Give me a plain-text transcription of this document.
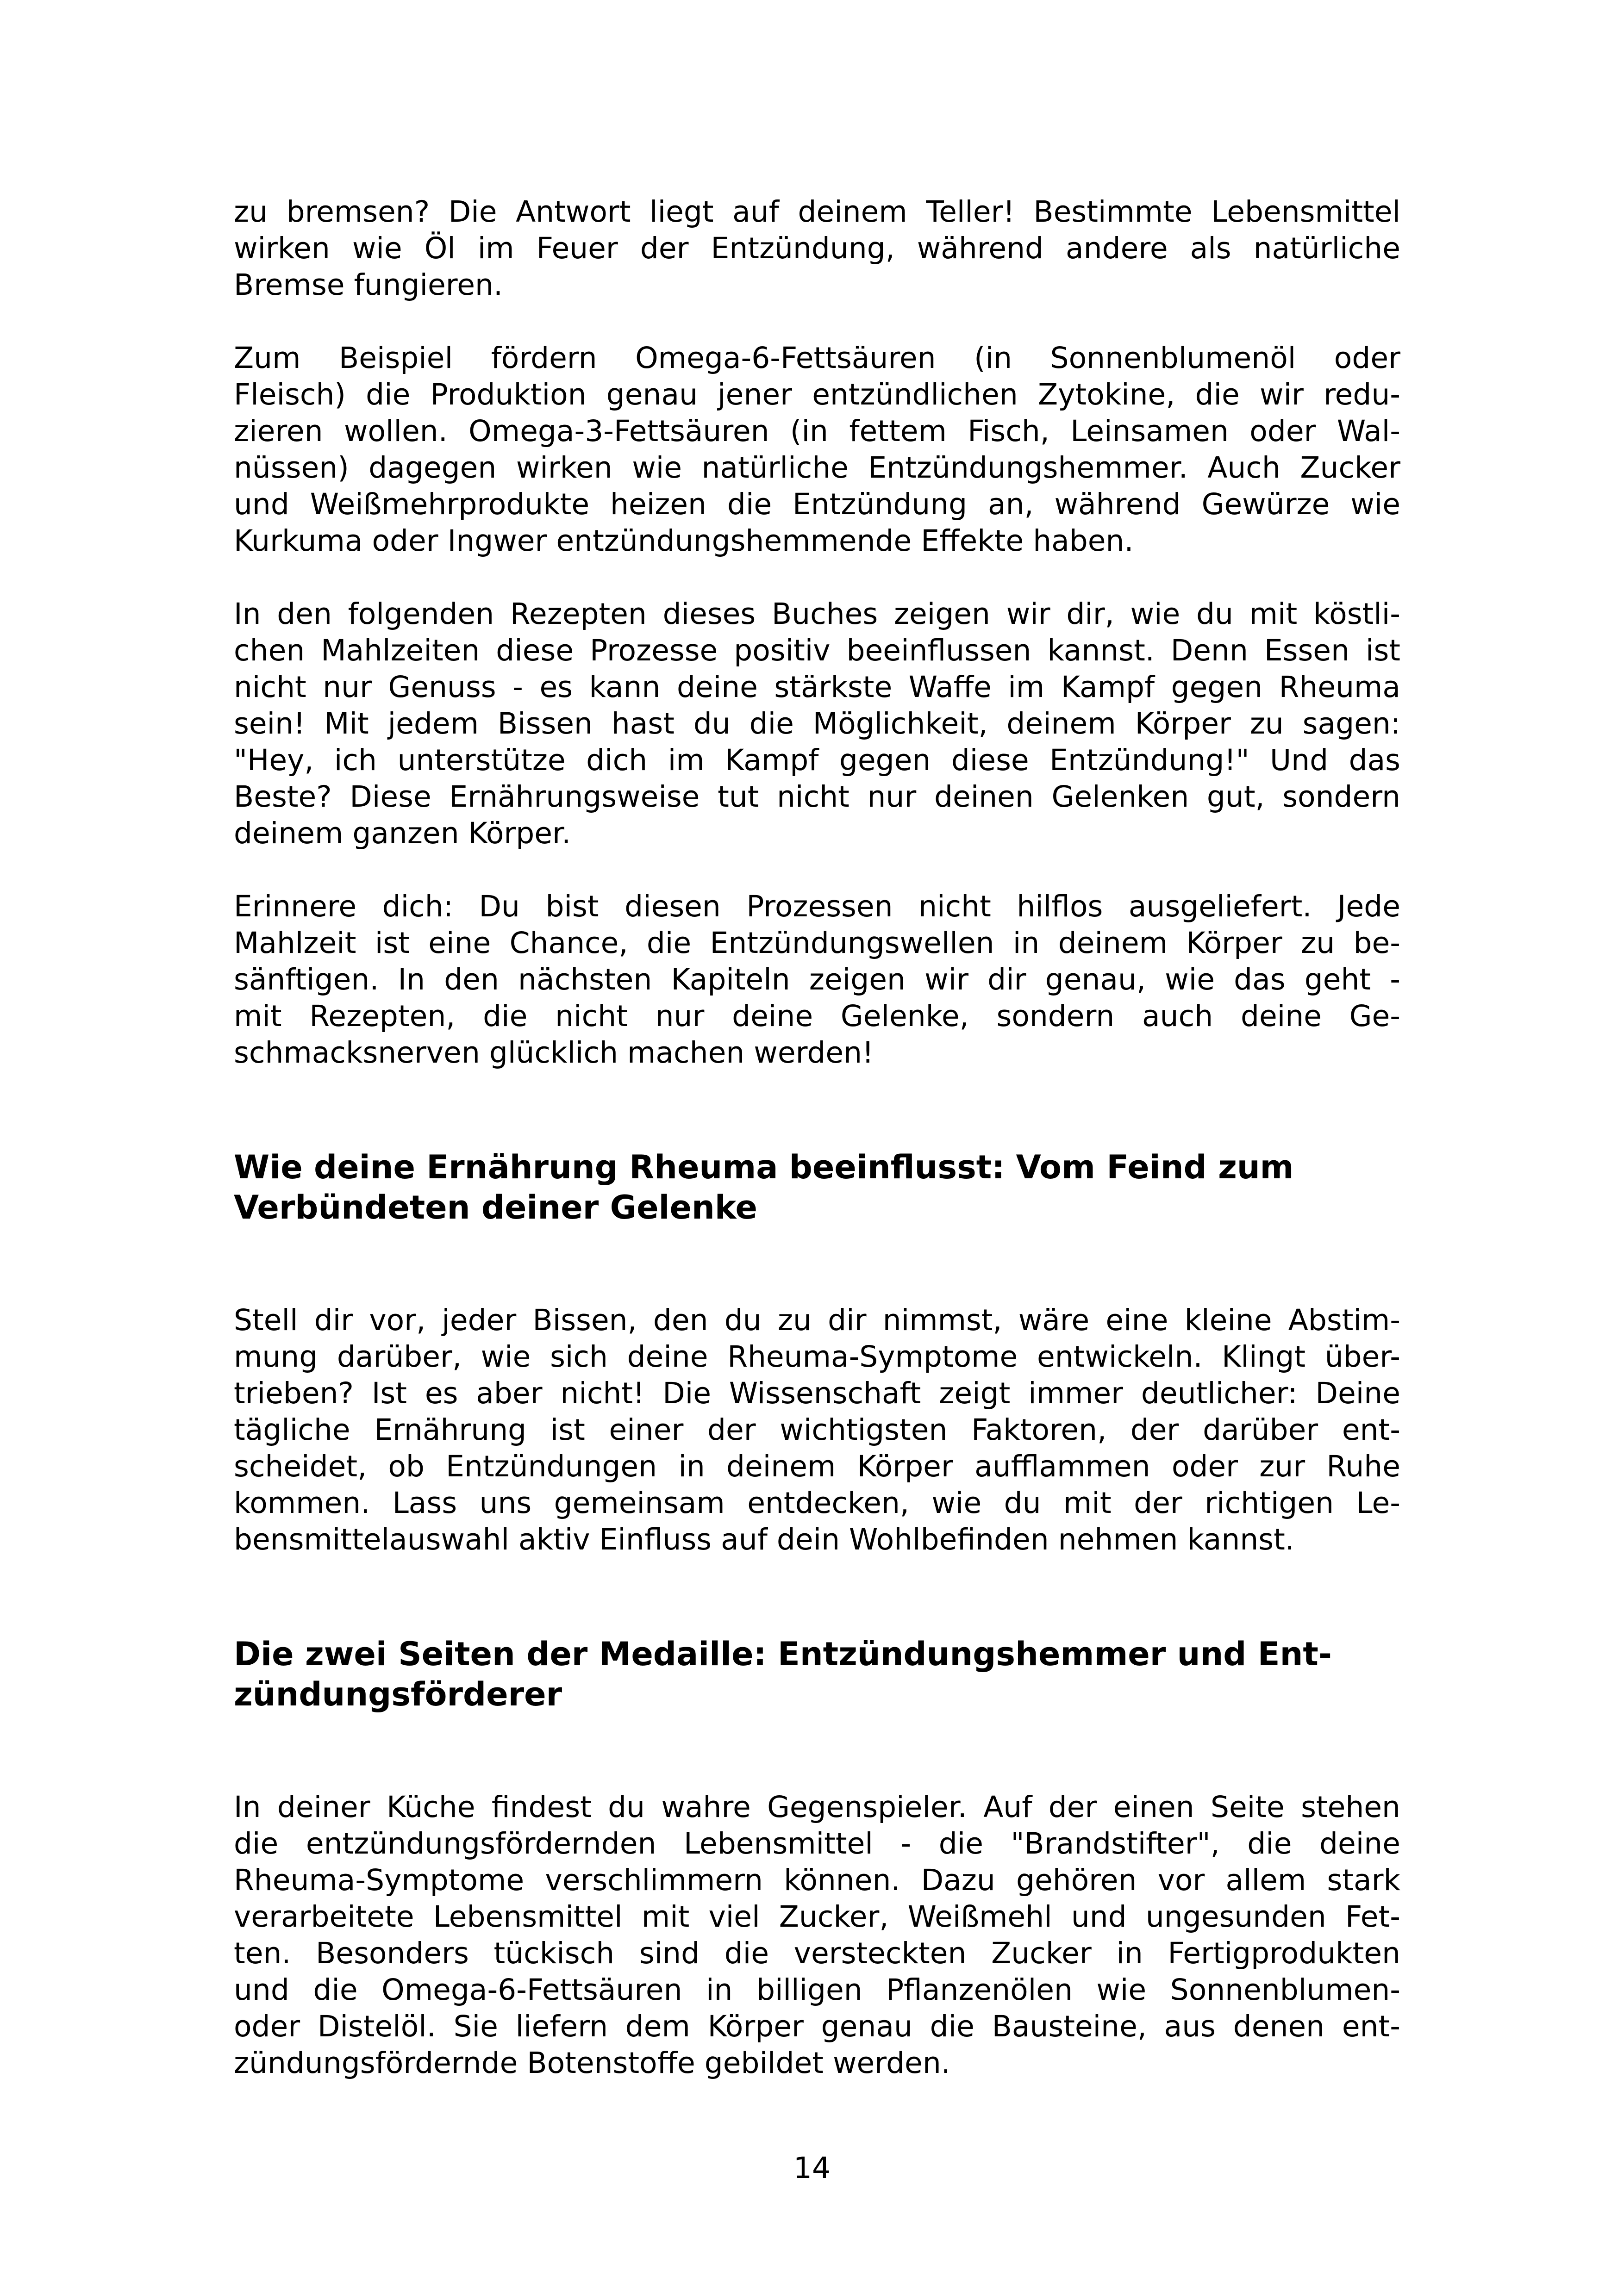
zu bremsen? Die Antwort liegt auf deinem Teller! Bestimmte Lebensmittel
wirken wie Öl im Feuer der Entzündung, während andere als natürliche
Bremse fungieren.

Zum Beispiel fördern Omega-6-Fettsäuren (in Sonnenblumenöl oder
Fleisch) die Produktion genau jener entzündlichen Zytokine, die wir redu-
zieren wollen. Omega-3-Fettsäuren (in fettem Fisch, Leinsamen oder Wal-
nüssen) dagegen wirken wie natürliche Entzündungshemmer. Auch Zucker
und Weißmehrprodukte heizen die Entzündung an, während Gewürze wie
Kurkuma oder Ingwer entzündungshemmende Effekte haben.

In den folgenden Rezepten dieses Buches zeigen wir dir, wie du mit köstli-
chen Mahlzeiten diese Prozesse positiv beeinflussen kannst. Denn Essen ist
nicht nur Genuss - es kann deine stärkste Waffe im Kampf gegen Rheuma
sein! Mit jedem Bissen hast du die Möglichkeit, deinem Körper zu sagen:
"Hey, ich unterstütze dich im Kampf gegen diese Entzündung!" Und das
Beste? Diese Ernährungsweise tut nicht nur deinen Gelenken gut, sondern
deinem ganzen Körper.

Erinnere dich: Du bist diesen Prozessen nicht hilflos ausgeliefert. Jede
Mahlzeit ist eine Chance, die Entzündungswellen in deinem Körper zu be-
sänftigen. In den nächsten Kapiteln zeigen wir dir genau, wie das geht -
mit Rezepten, die nicht nur deine Gelenke, sondern auch deine Ge-
schmacksnerven glücklich machen werden!

Wie deine Ernährung Rheuma beeinflusst: Vom Feind zum
Verbündeten deiner Gelenke

Stell dir vor, jeder Bissen, den du zu dir nimmst, wäre eine kleine Abstim-
mung darüber, wie sich deine Rheuma-Symptome entwickeln. Klingt über-
trieben? Ist es aber nicht! Die Wissenschaft zeigt immer deutlicher: Deine
tägliche Ernährung ist einer der wichtigsten Faktoren, der darüber ent-
scheidet, ob Entzündungen in deinem Körper aufflammen oder zur Ruhe
kommen. Lass uns gemeinsam entdecken, wie du mit der richtigen Le-
bensmittelauswahl aktiv Einfluss auf dein Wohlbefinden nehmen kannst.

Die zwei Seiten der Medaille: Entzündungshemmer und Ent-
zündungsförderer

In deiner Küche findest du wahre Gegenspieler. Auf der einen Seite stehen
die entzündungsfördernden Lebensmittel - die "Brandstifter", die deine
Rheuma-Symptome verschlimmern können. Dazu gehören vor allem stark
verarbeitete Lebensmittel mit viel Zucker, Weißmehl und ungesunden Fet-
ten. Besonders tückisch sind die versteckten Zucker in Fertigprodukten
und die Omega-6-Fettsäuren in billigen Pflanzenölen wie Sonnenblumen-
oder Distelöl. Sie liefern dem Körper genau die Bausteine, aus denen ent-
zündungsfördernde Botenstoffe gebildet werden.

14
